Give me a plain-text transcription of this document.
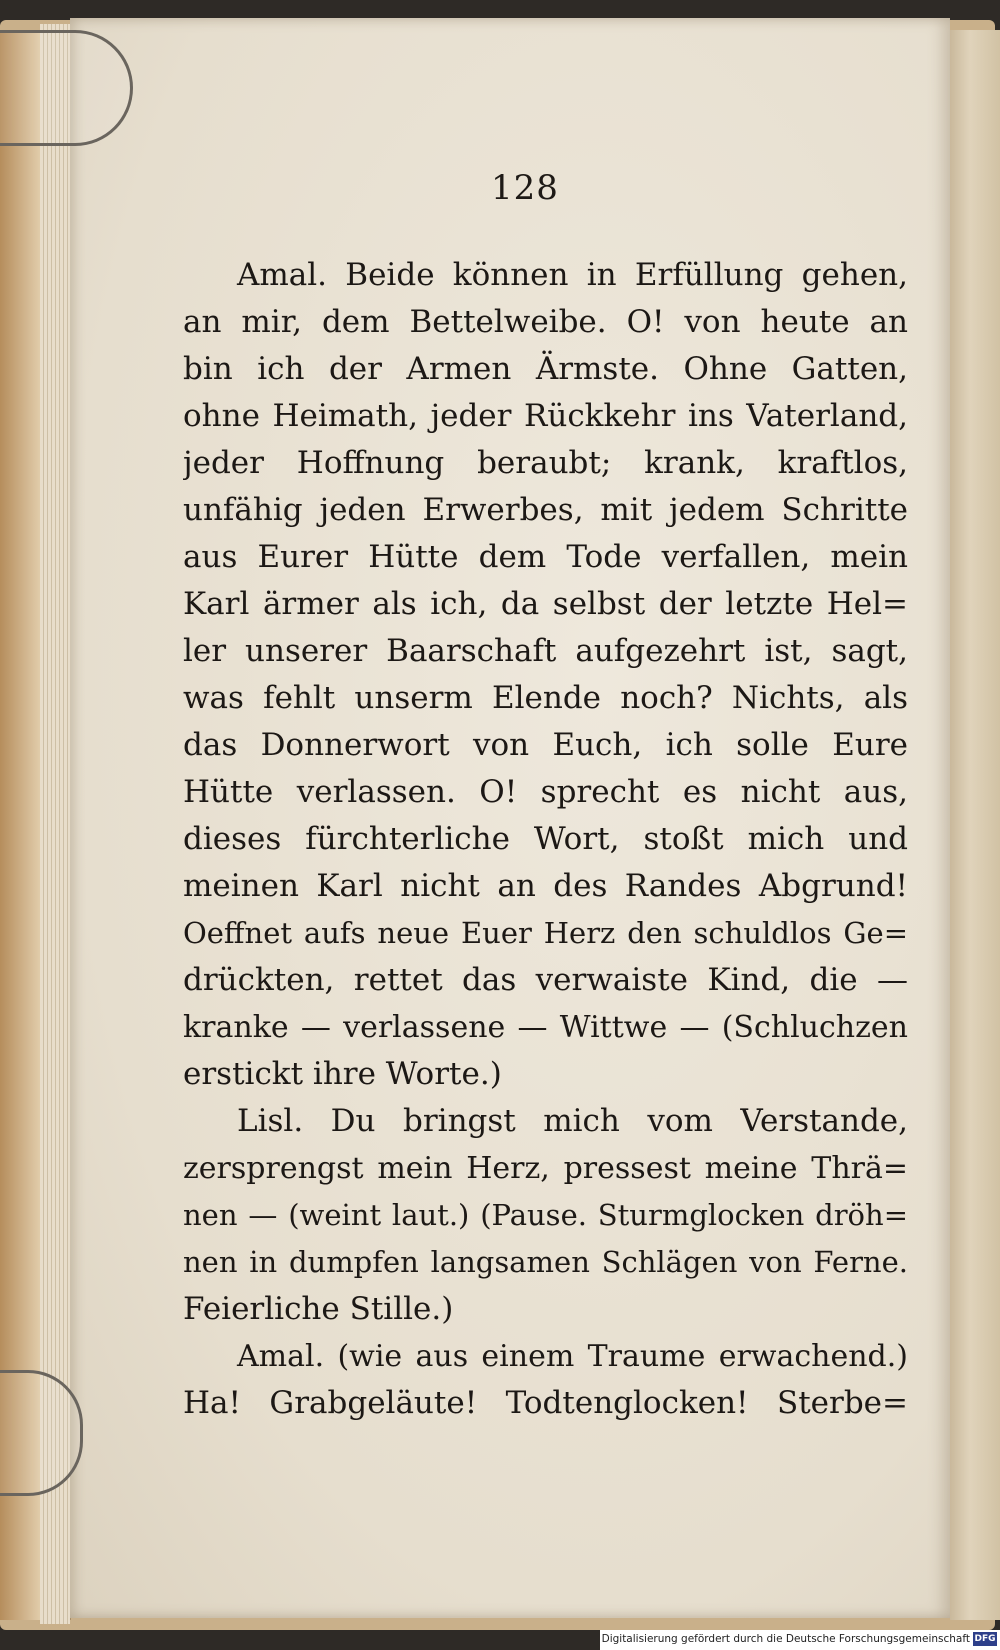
128
Amal. Beide können in Erfüllung gehen,
an mir, dem Bettelweibe. O! von heute an
bin ich der Armen Ärmste. Ohne Gatten,
ohne Heimath, jeder Rückkehr ins Vaterland,
jeder Hoffnung beraubt; krank, kraftlos,
unfähig jeden Erwerbes, mit jedem Schritte
aus Eurer Hütte dem Tode verfallen, mein
Karl ärmer als ich, da selbst der letzte Hel=
ler unserer Baarschaft aufgezehrt ist, sagt,
was fehlt unserm Elende noch? Nichts, als
das Donnerwort von Euch, ich solle Eure
Hütte verlassen. O! sprecht es nicht aus,
dieses fürchterliche Wort, stoßt mich und
meinen Karl nicht an des Randes Abgrund!
Oeffnet aufs neue Euer Herz den schuldlos Ge=
drückten, rettet das verwaiste Kind, die —
kranke — verlassene — Wittwe — (Schluchzen
erstickt ihre Worte.)
Lisl. Du bringst mich vom Verstande,
zersprengst mein Herz, pressest meine Thrä=
nen — (weint laut.) (Pause. Sturmglocken dröh=
nen in dumpfen langsamen Schlägen von Ferne.
Feierliche Stille.)
Amal. (wie aus einem Traume erwachend.)
Ha! Grabgeläute! Todtenglocken! Sterbe=
Digitalisierung gefördert durch die Deutsche Forschungsgemeinschaft DFG
